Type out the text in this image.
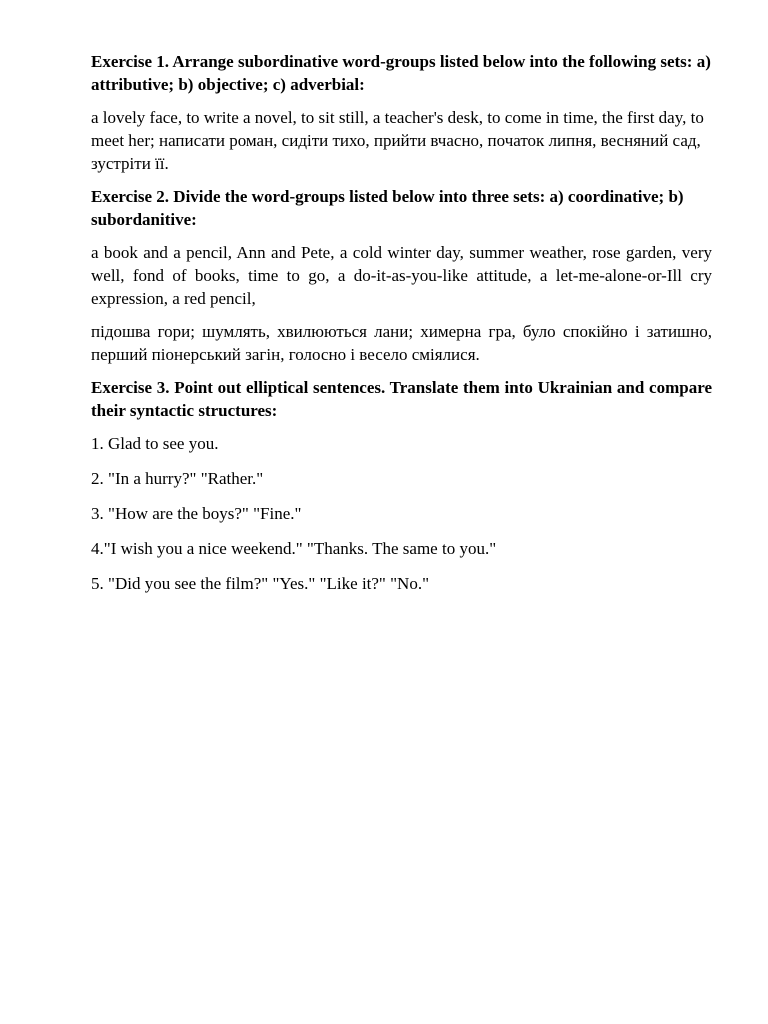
Exercise 1. Arrange subordinative word-groups listed below into the following sets: a) attributive; b) objective; c) adverbial:

a lovely face, to write a novel, to sit still, a teacher's desk, to come in time, the first day, to meet her; написати роман, сидіти тихо, прийти вчасно, початок липня, весняний сад, зустріти її.

Exercise 2. Divide the word-groups listed below into three sets: a) coordinative; b) subordanitive:

a book and a pencil, Ann and Pete, a cold winter day, summer weather, rose garden, very well, fond of books, time to go, a do-it-as-you-like attitude, a let-me-alone-or-Ill cry expression, a red pencil,

підошва гори; шумлять, хвилюються лани; химерна гра, було спокійно і затишно, перший піонерський загін, голосно і весело сміялися.

Exercise 3. Point out elliptical sentences. Translate them into Ukrainian and compare their syntactic structures:

1. Glad to see you.

2. "In a hurry?" "Rather."

3. "How are the boys?" "Fine."

4."I wish you a nice weekend." "Thanks. The same to you."

5. "Did you see the film?" "Yes." "Like it?" "No."
